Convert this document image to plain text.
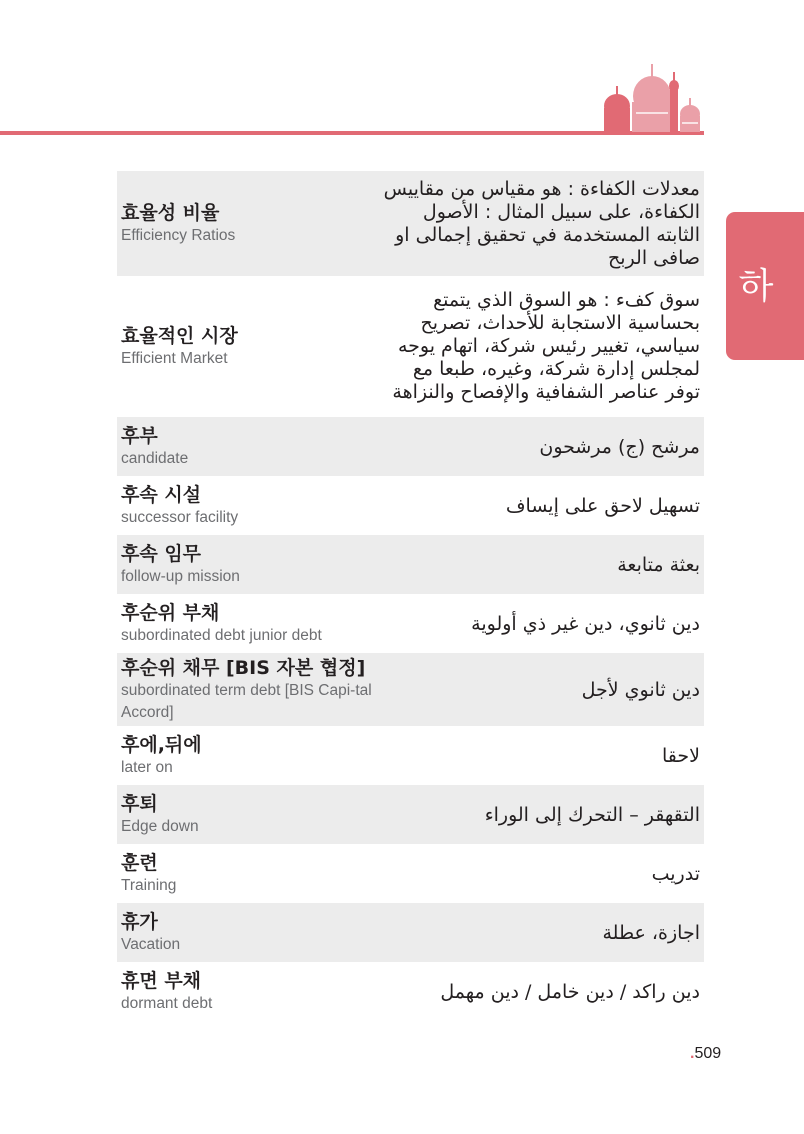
하
효율성 비율
Efficiency Ratios
معدلات الكفاءة : هو مقياس من مقاييس الكفاءة، على سبيل المثال : الأصول الثابته المستخدمة في تحقيق إجمالى او صافى الربح
효율적인 시장
Efficient Market
سوق كفء : هو السوق الذي يتمتع بحساسية الاستجابة للأحداث، تصريح سياسي، تغيير رئيس شركة، اتهام يوجه لمجلس إدارة شركة، وغيره، طبعا مع توفر عناصر الشفافية والإفصاح والنزاهة
후부
candidate
مرشح (ج) مرشحون
후속 시설
successor facility
تسهيل لاحق على إيساف
후속 임무
follow-up mission
بعثة متابعة
후순위 부채
subordinated debt junior debt
دين ثانوي، دين غير ذي أولوية
후순위 채무 [BIS 자본 협정]
subordinated term debt [BIS Capi-tal Accord]
دين ثانوي لأجل
후에,뒤에
later on
لاحقا
후퇴
Edge down
التقهقر – التحرك إلى الوراء
훈련
Training
تدريب
휴가
Vacation
اجازة، عطلة
휴면 부채
dormant debt
دين راكد / دين خامل / دين مهمل
.509
